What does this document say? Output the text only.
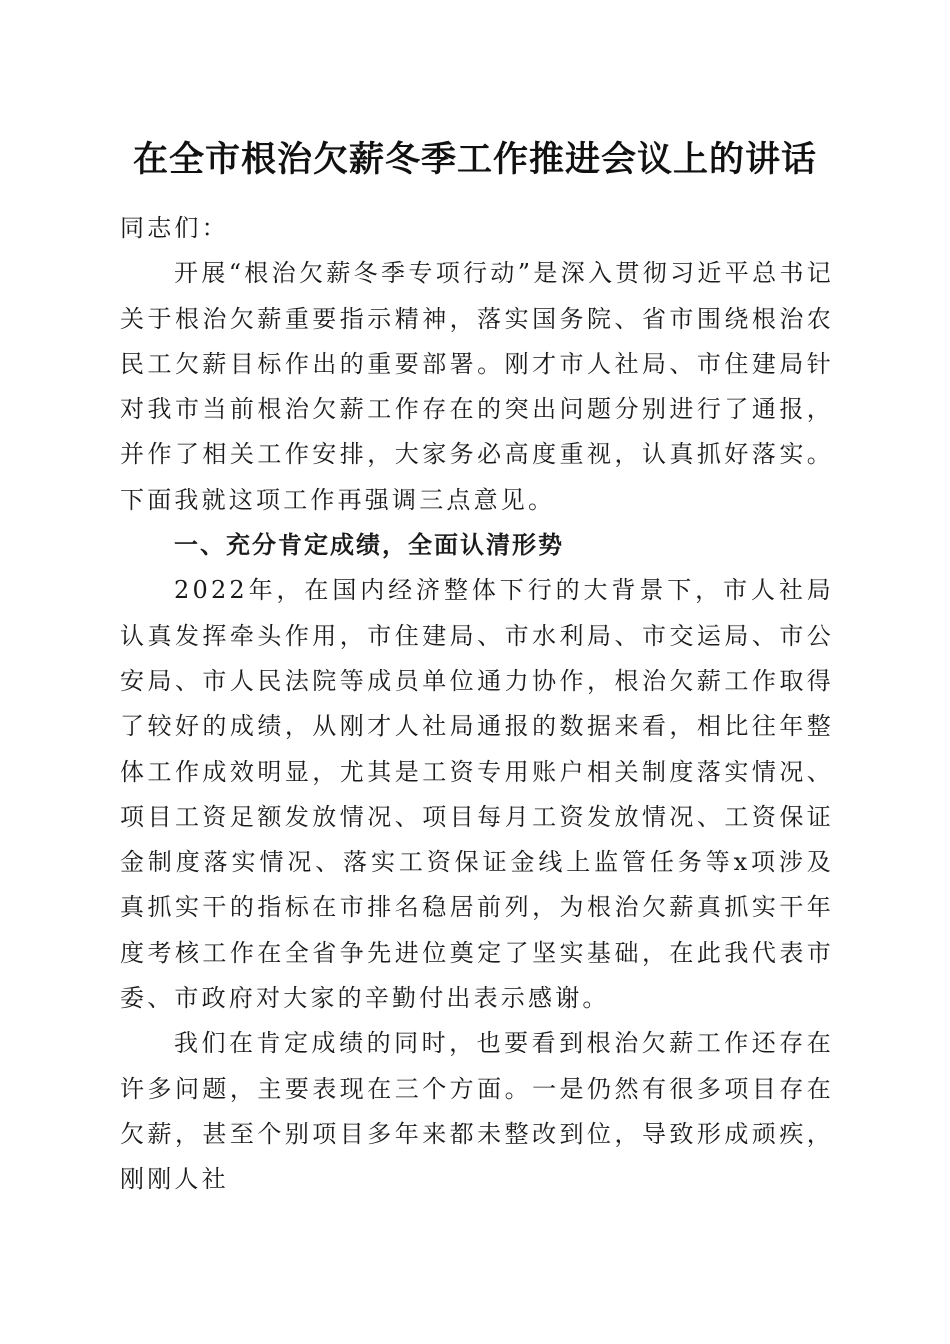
在全市根治欠薪冬季工作推进会议上的讲话

同志们：

开展“根治欠薪冬季专项行动”是深入贯彻习近平总书记关于根治欠薪重要指示精神，落实国务院、省市围绕根治农民工欠薪目标作出的重要部署。刚才市人社局、市住建局针对我市当前根治欠薪工作存在的突出问题分别进行了通报，并作了相关工作安排，大家务必高度重视，认真抓好落实。下面我就这项工作再强调三点意见。

一、充分肯定成绩，全面认清形势

2022年，在国内经济整体下行的大背景下，市人社局认真发挥牵头作用，市住建局、市水利局、市交运局、市公安局、市人民法院等成员单位通力协作，根治欠薪工作取得了较好的成绩，从刚才人社局通报的数据来看，相比往年整体工作成效明显，尤其是工资专用账户相关制度落实情况、项目工资足额发放情况、项目每月工资发放情况、工资保证金制度落实情况、落实工资保证金线上监管任务等x项涉及真抓实干的指标在市排名稳居前列，为根治欠薪真抓实干年度考核工作在全省争先进位奠定了坚实基础，在此我代表市委、市政府对大家的辛勤付出表示感谢。

我们在肯定成绩的同时，也要看到根治欠薪工作还存在许多问题，主要表现在三个方面。一是仍然有很多项目存在欠薪，甚至个别项目多年来都未整改到位，导致形成顽疾，刚刚人社
